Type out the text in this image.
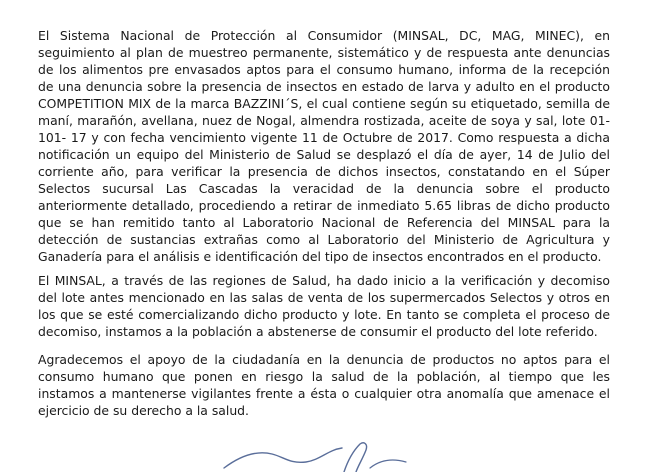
El Sistema Nacional de Protección al Consumidor (MINSAL, DC, MAG, MINEC), en
seguimiento al plan de muestreo permanente, sistemático y de respuesta ante denuncias
de los alimentos pre envasados aptos para el consumo humano, informa de la recepción
de una denuncia sobre la presencia de insectos en estado de larva y adulto en el producto
COMPETITION MIX de la marca BAZZINI´S, el cual contiene según su etiquetado, semilla de
maní, marañón, avellana, nuez de Nogal, almendra rostizada, aceite de soya y sal, lote 01-
101- 17 y con fecha vencimiento vigente 11 de Octubre de 2017. Como respuesta a dicha
notificación un equipo del Ministerio de Salud se desplazó el día de ayer, 14 de Julio del
corriente año, para verificar la presencia de dichos insectos, constatando en el Súper
Selectos sucursal Las Cascadas la veracidad de la denuncia sobre el producto
anteriormente detallado, procediendo a retirar de inmediato 5.65 libras de dicho producto
que se han remitido tanto al Laboratorio Nacional de Referencia del MINSAL para la
detección de sustancias extrañas como al Laboratorio del Ministerio de Agricultura y
Ganadería para el análisis e identificación del tipo de insectos encontrados en el producto.
El MINSAL, a través de las regiones de Salud, ha dado inicio a la verificación y decomiso
del lote antes mencionado en las salas de venta de los supermercados Selectos y otros en
los que se esté comercializando dicho producto y lote. En tanto se completa el proceso de
decomiso, instamos a la población a abstenerse de consumir el producto del lote referido.
Agradecemos el apoyo de la ciudadanía en la denuncia de productos no aptos para el
consumo humano que ponen en riesgo la salud de la población, al tiempo que les
instamos a mantenerse vigilantes frente a ésta o cualquier otra anomalía que amenace el
ejercicio de su derecho a la salud.
